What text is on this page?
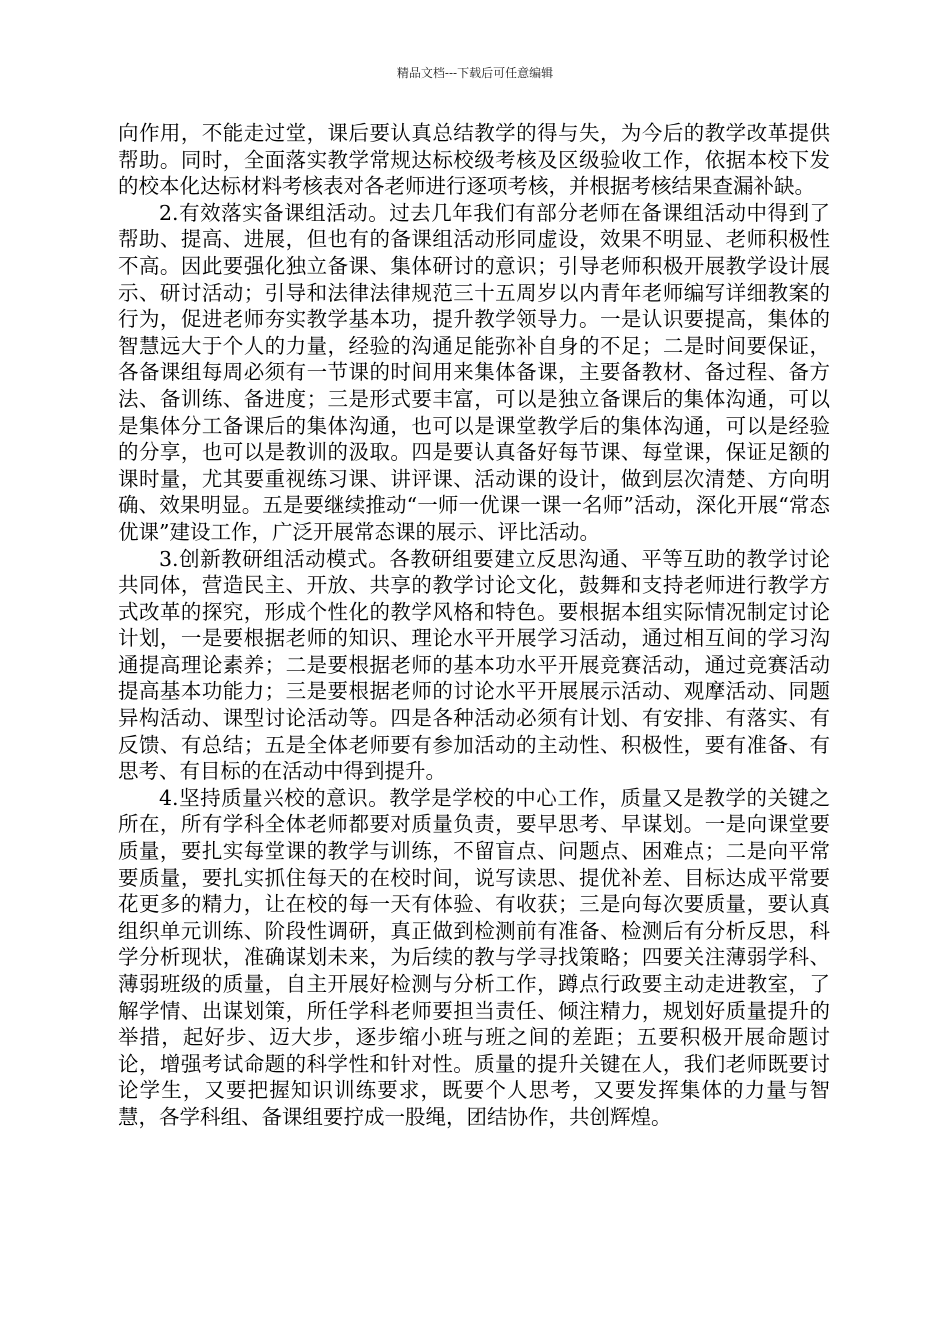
精品文档---下载后可任意编辑

向作用，不能走过堂，课后要认真总结教学的得与失，为今后的教学改革提供帮助。同时，全面落实教学常规达标校级考核及区级验收工作，依据本校下发的校本化达标材料考核表对各老师进行逐项考核，并根据考核结果查漏补缺。

2.有效落实备课组活动。过去几年我们有部分老师在备课组活动中得到了帮助、提高、进展，但也有的备课组活动形同虚设，效果不明显、老师积极性不高。因此要强化独立备课、集体研讨的意识；引导老师积极开展教学设计展示、研讨活动；引导和法律法律规范三十五周岁以内青年老师编写详细教案的行为，促进老师夯实教学基本功，提升教学领导力。一是认识要提高，集体的智慧远大于个人的力量，经验的沟通足能弥补自身的不足；二是时间要保证，各备课组每周必须有一节课的时间用来集体备课，主要备教材、备过程、备方法、备训练、备进度；三是形式要丰富，可以是独立备课后的集体沟通，可以是集体分工备课后的集体沟通，也可以是课堂教学后的集体沟通，可以是经验的分享，也可以是教训的汲取。四是要认真备好每节课、每堂课，保证足额的课时量，尤其要重视练习课、讲评课、活动课的设计，做到层次清楚、方向明确、效果明显。五是要继续推动“一师一优课一课一名师”活动，深化开展“常态优课”建设工作，广泛开展常态课的展示、评比活动。

3.创新教研组活动模式。各教研组要建立反思沟通、平等互助的教学讨论共同体，营造民主、开放、共享的教学讨论文化，鼓舞和支持老师进行教学方式改革的探究，形成个性化的教学风格和特色。要根据本组实际情况制定讨论计划，一是要根据老师的知识、理论水平开展学习活动，通过相互间的学习沟通提高理论素养；二是要根据老师的基本功水平开展竞赛活动，通过竞赛活动提高基本功能力；三是要根据老师的讨论水平开展展示活动、观摩活动、同题异构活动、课型讨论活动等。四是各种活动必须有计划、有安排、有落实、有反馈、有总结；五是全体老师要有参加活动的主动性、积极性，要有准备、有思考、有目标的在活动中得到提升。

4.坚持质量兴校的意识。教学是学校的中心工作，质量又是教学的关键之所在，所有学科全体老师都要对质量负责，要早思考、早谋划。一是向课堂要质量，要扎实每堂课的教学与训练，不留盲点、问题点、困难点；二是向平常要质量，要扎实抓住每天的在校时间，说写读思、提优补差、目标达成平常要花更多的精力，让在校的每一天有体验、有收获；三是向每次要质量，要认真组织单元训练、阶段性调研，真正做到检测前有准备、检测后有分析反思，科学分析现状，准确谋划未来，为后续的教与学寻找策略；四要关注薄弱学科、薄弱班级的质量，自主开展好检测与分析工作，蹲点行政要主动走进教室，了解学情、出谋划策，所任学科老师要担当责任、倾注精力，规划好质量提升的举措，起好步、迈大步，逐步缩小班与班之间的差距；五要积极开展命题讨论，增强考试命题的科学性和针对性。质量的提升关键在人，我们老师既要讨论学生，又要把握知识训练要求，既要个人思考，又要发挥集体的力量与智慧，各学科组、备课组要拧成一股绳，团结协作，共创辉煌。
